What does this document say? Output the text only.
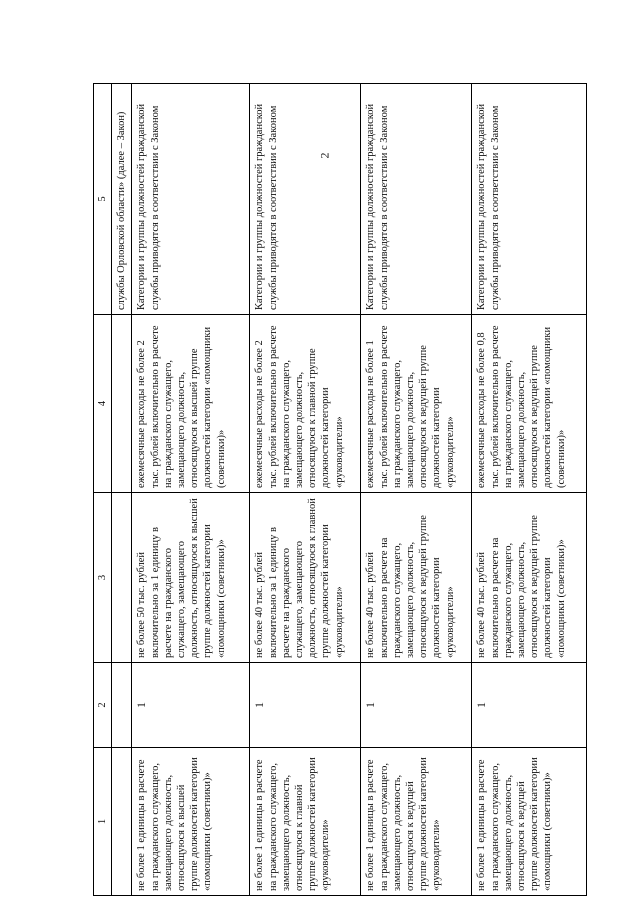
2
1	2	3	4	5
				службы Орловской области» (далее – Закон)
не более 1 единицы в расчете на гражданского служащего, замещающего должность, относящуюся к высшей группе должностей категории «помощники (советники)»	1	не более 50 тыс. рублей включительно за 1 единицу в расчете на гражданского служащего, замещающего должность, относящуюся к высшей группе должностей категории «помощники (советники)»	ежемесячные расходы не более 2 тыс. рублей включительно в расчете на гражданского служащего, замещающего должность, относящуюся к высшей группе должностей категории «помощники (советники)»	Категории и группы должностей гражданской службы приводятся в соответствии с Законом
не более 1 единицы в расчете на гражданского служащего, замещающего должность, относящуюся к главной группе должностей категории «руководители»	1	не более 40 тыс. рублей включительно за 1 единицу в расчете на гражданского служащего, замещающего должность, относящуюся к главной группе должностей категории «руководители»	ежемесячные расходы не более 2 тыс. рублей включительно в расчете на гражданского служащего, замещающего должность, относящуюся к главной группе должностей категории «руководители»	Категории и группы должностей гражданской службы приводятся в соответствии с Законом
не более 1 единицы в расчете на гражданского служащего, замещающего должность, относящуюся к ведущей группе должностей категории «руководители»	1	не более 40 тыс. рублей включительно в расчете на гражданского служащего, замещающего должность, относящуюся к ведущей группе должностей категории «руководители»	ежемесячные расходы не более 1 тыс. рублей включительно в расчете на гражданского служащего, замещающего должность, относящуюся к ведущей группе должностей категории «руководители»	Категории и группы должностей гражданской службы приводятся в соответствии с Законом
не более 1 единицы в расчете на гражданского служащего, замещающего должность, относящуюся к ведущей группе должностей категории «помощники (советники)»	1	не более 40 тыс. рублей включительно в расчете на гражданского служащего, замещающего должность, относящуюся к ведущей группе должностей категории «помощники (советники)»	ежемесячные расходы не более 0,8 тыс. рублей включительно в расчете на гражданского служащего, замещающего должность, относящуюся к ведущей группе должностей категории «помощники (советники)»	Категории и группы должностей гражданской службы приводятся в соответствии с Законом
